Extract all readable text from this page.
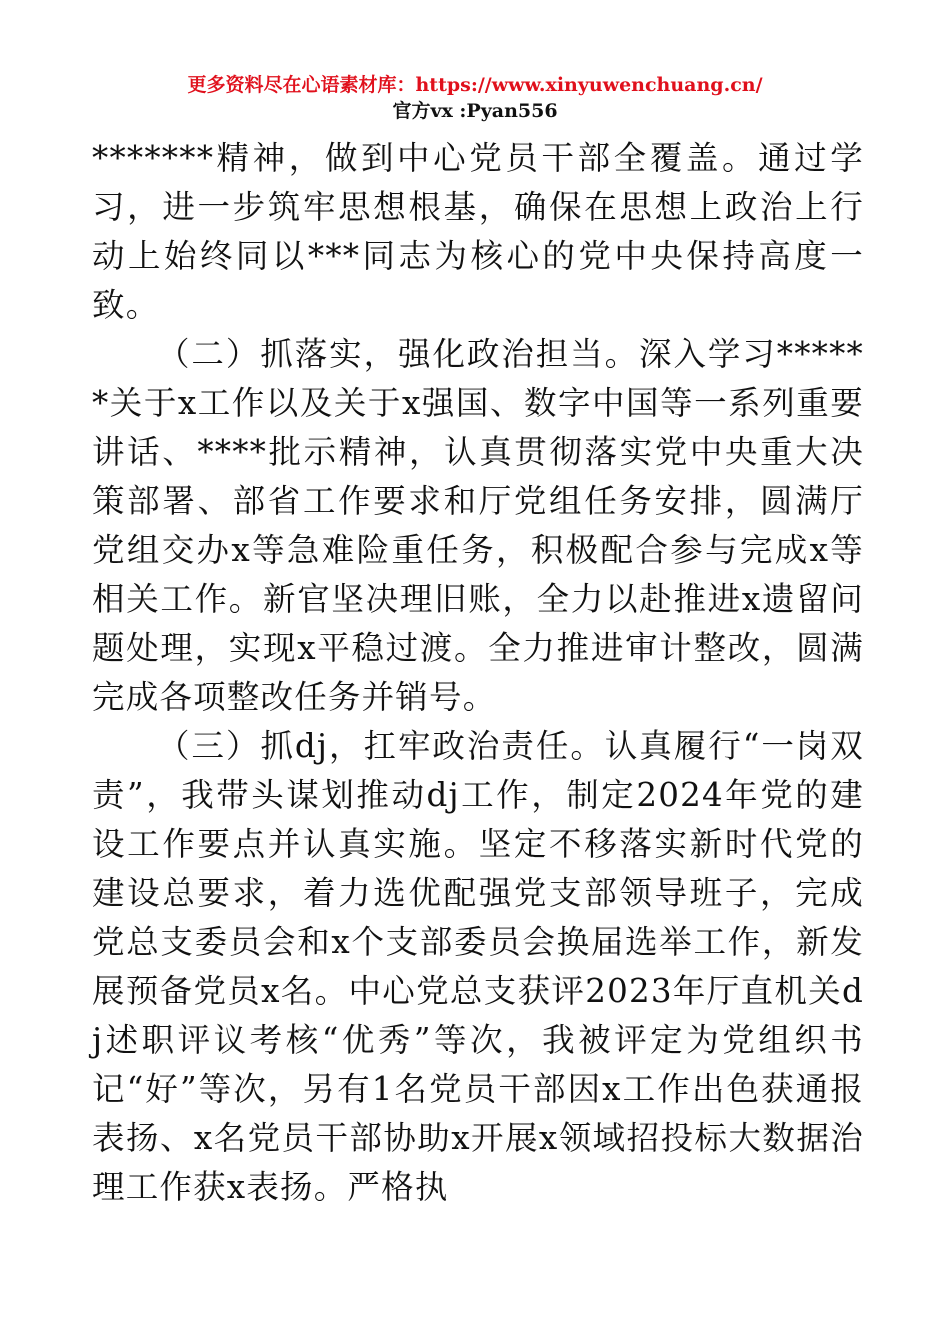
更多资料尽在心语素材库：https://www.xinyuwenchuang.cn/
官方vx :Pyan556

*******精神，做到中心党员干部全覆盖。通过学习，进一步筑牢思想根基，确保在思想上政治上行动上始终同以***同志为核心的党中央保持高度一致。

（二）抓落实，强化政治担当。深入学习******关于x工作以及关于x强国、数字中国等一系列重要讲话、****批示精神，认真贯彻落实党中央重大决策部署、部省工作要求和厅党组任务安排，圆满厅党组交办x等急难险重任务，积极配合参与完成x等相关工作。新官坚决理旧账，全力以赴推进x遗留问题处理，实现x平稳过渡。全力推进审计整改，圆满完成各项整改任务并销号。

（三）抓dj，扛牢政治责任。认真履行“一岗双责”，我带头谋划推动dj工作，制定2024年党的建设工作要点并认真实施。坚定不移落实新时代党的建设总要求，着力选优配强党支部领导班子，完成党总支委员会和x个支部委员会换届选举工作，新发展预备党员x名。中心党总支获评2023年厅直机关dj述职评议考核“优秀”等次，我被评定为党组织书记“好”等次，另有1名党员干部因x工作出色获通报表扬、x名党员干部协助x开展x领域招投标大数据治理工作获x表扬。严格执
